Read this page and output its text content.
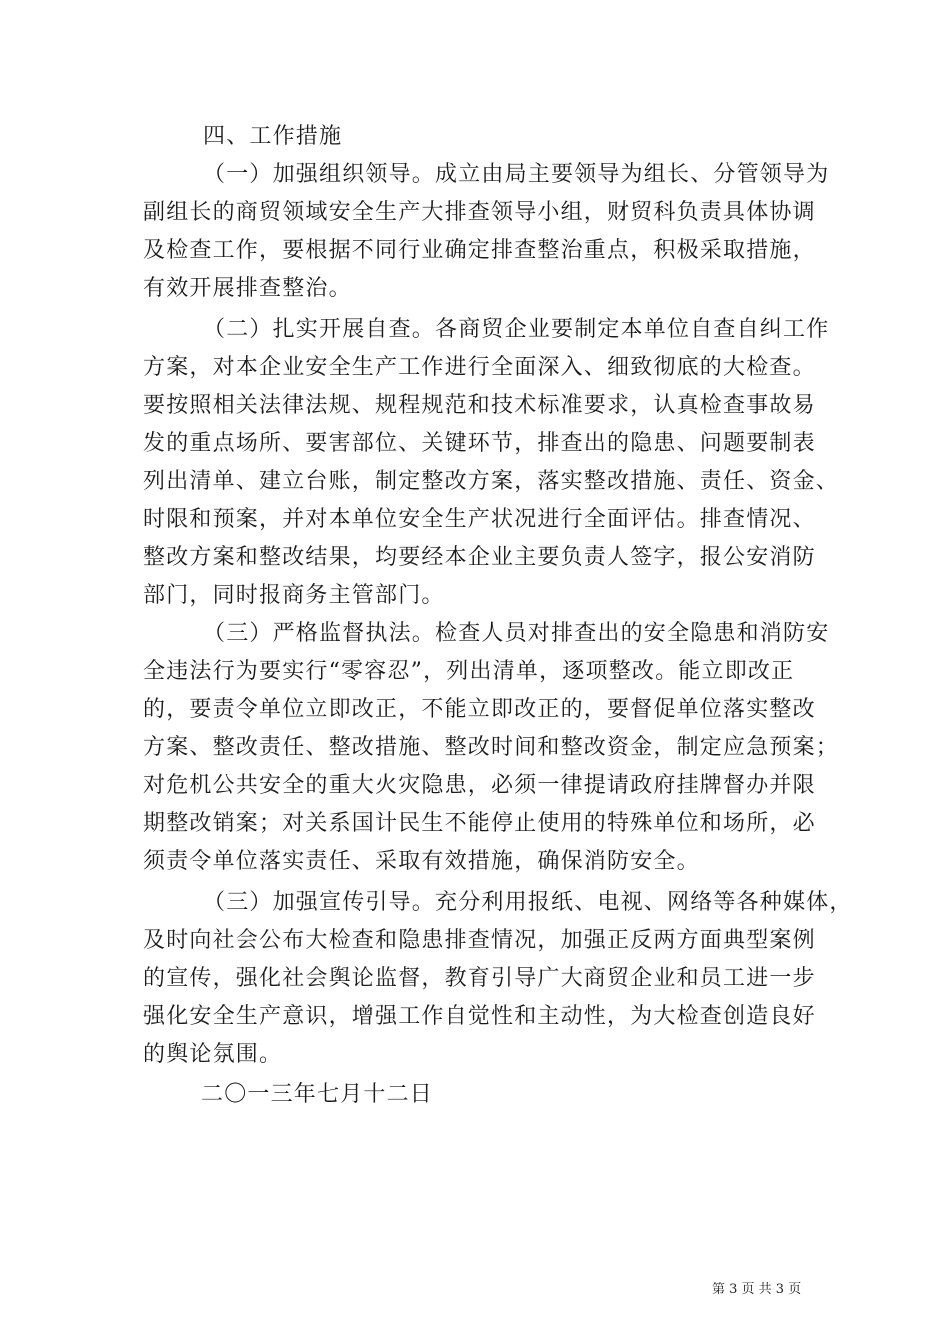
四、工作措施
（一）加强组织领导。成立由局主要领导为组长、分管领导为
副组长的商贸领域安全生产大排查领导小组，财贸科负责具体协调
及检查工作，要根据不同行业确定排查整治重点，积极采取措施，
有效开展排查整治。
（二）扎实开展自查。各商贸企业要制定本单位自查自纠工作
方案，对本企业安全生产工作进行全面深入、细致彻底的大检查。
要按照相关法律法规、规程规范和技术标准要求，认真检查事故易
发的重点场所、要害部位、关键环节，排查出的隐患、问题要制表
列出清单、建立台账，制定整改方案，落实整改措施、责任、资金、
时限和预案，并对本单位安全生产状况进行全面评估。排查情况、
整改方案和整改结果，均要经本企业主要负责人签字，报公安消防
部门，同时报商务主管部门。
（三）严格监督执法。检查人员对排查出的安全隐患和消防安
全违法行为要实行“零容忍”，列出清单，逐项整改。能立即改正
的，要责令单位立即改正，不能立即改正的，要督促单位落实整改
方案、整改责任、整改措施、整改时间和整改资金，制定应急预案；
对危机公共安全的重大火灾隐患，必须一律提请政府挂牌督办并限
期整改销案；对关系国计民生不能停止使用的特殊单位和场所，必
须责令单位落实责任、采取有效措施，确保消防安全。
（三）加强宣传引导。充分利用报纸、电视、网络等各种媒体，
及时向社会公布大检查和隐患排查情况，加强正反两方面典型案例
的宣传，强化社会舆论监督，教育引导广大商贸企业和员工进一步
强化安全生产意识，增强工作自觉性和主动性，为大检查创造良好
的舆论氛围。
二〇一三年七月十二日
第 3 页 共 3 页
